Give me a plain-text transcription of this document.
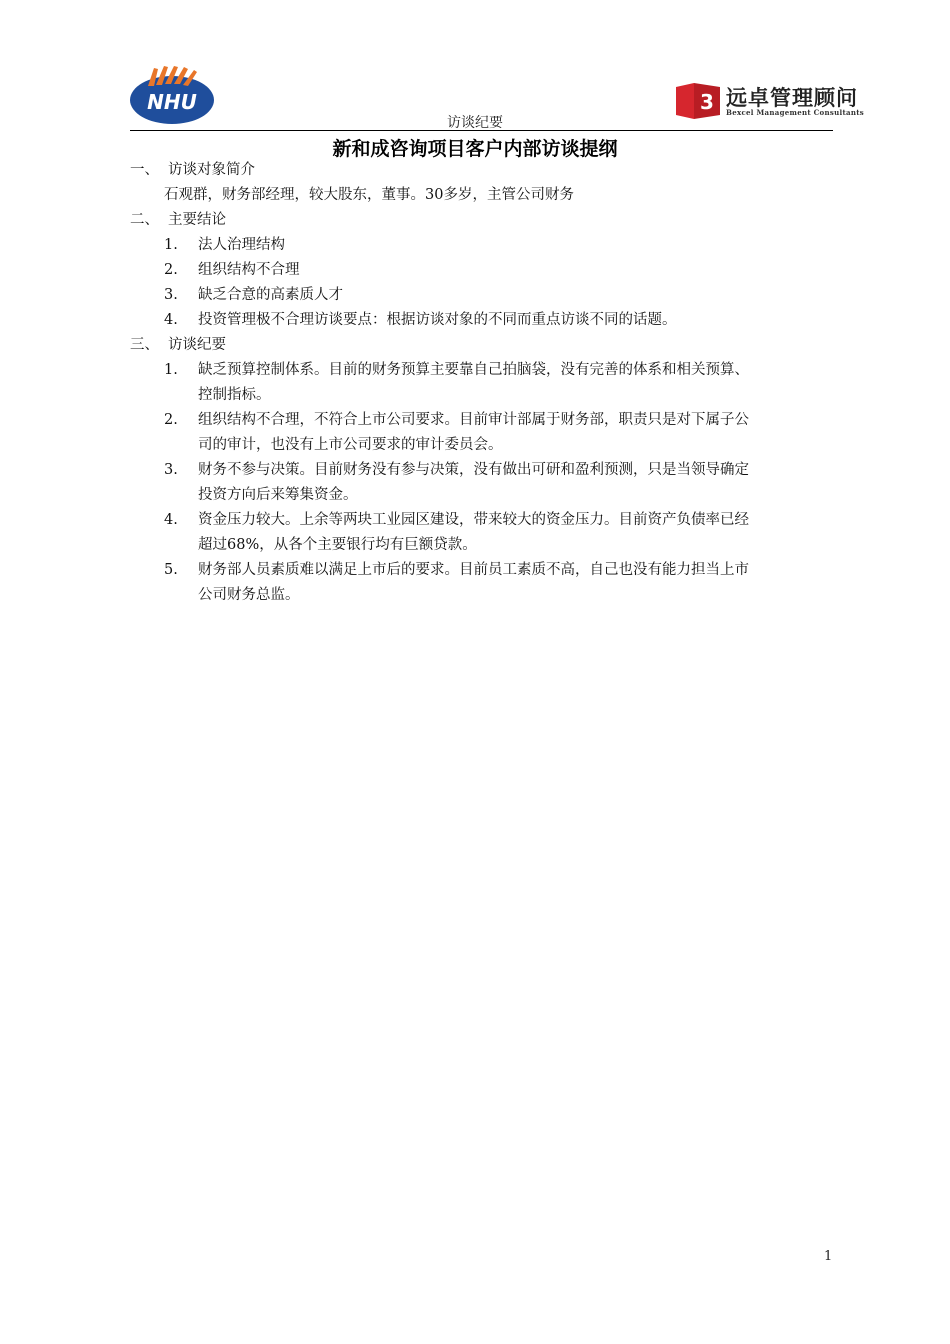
NHU	3 远卓管理顾问
Bexcel Management Consultants
访谈纪要
新和成咨询项目客户内部访谈提纲
一、 访谈对象简介
石观群，财务部经理，较大股东，董事。30多岁，主管公司财务
二、 主要结论
1. 法人治理结构
2. 组织结构不合理
3. 缺乏合意的高素质人才
4. 投资管理极不合理访谈要点：根据访谈对象的不同而重点访谈不同的话题。
三、 访谈纪要
1. 缺乏预算控制体系。目前的财务预算主要靠自己拍脑袋，没有完善的体系和相关预算、
控制指标。
2. 组织结构不合理，不符合上市公司要求。目前审计部属于财务部，职责只是对下属子公
司的审计，也没有上市公司要求的审计委员会。
3. 财务不参与决策。目前财务没有参与决策，没有做出可研和盈利预测，只是当领导确定
投资方向后来筹集资金。
4. 资金压力较大。上余等两块工业园区建设，带来较大的资金压力。目前资产负债率已经
超过68%，从各个主要银行均有巨额贷款。
5. 财务部人员素质难以满足上市后的要求。目前员工素质不高，自己也没有能力担当上市
公司财务总监。
1
